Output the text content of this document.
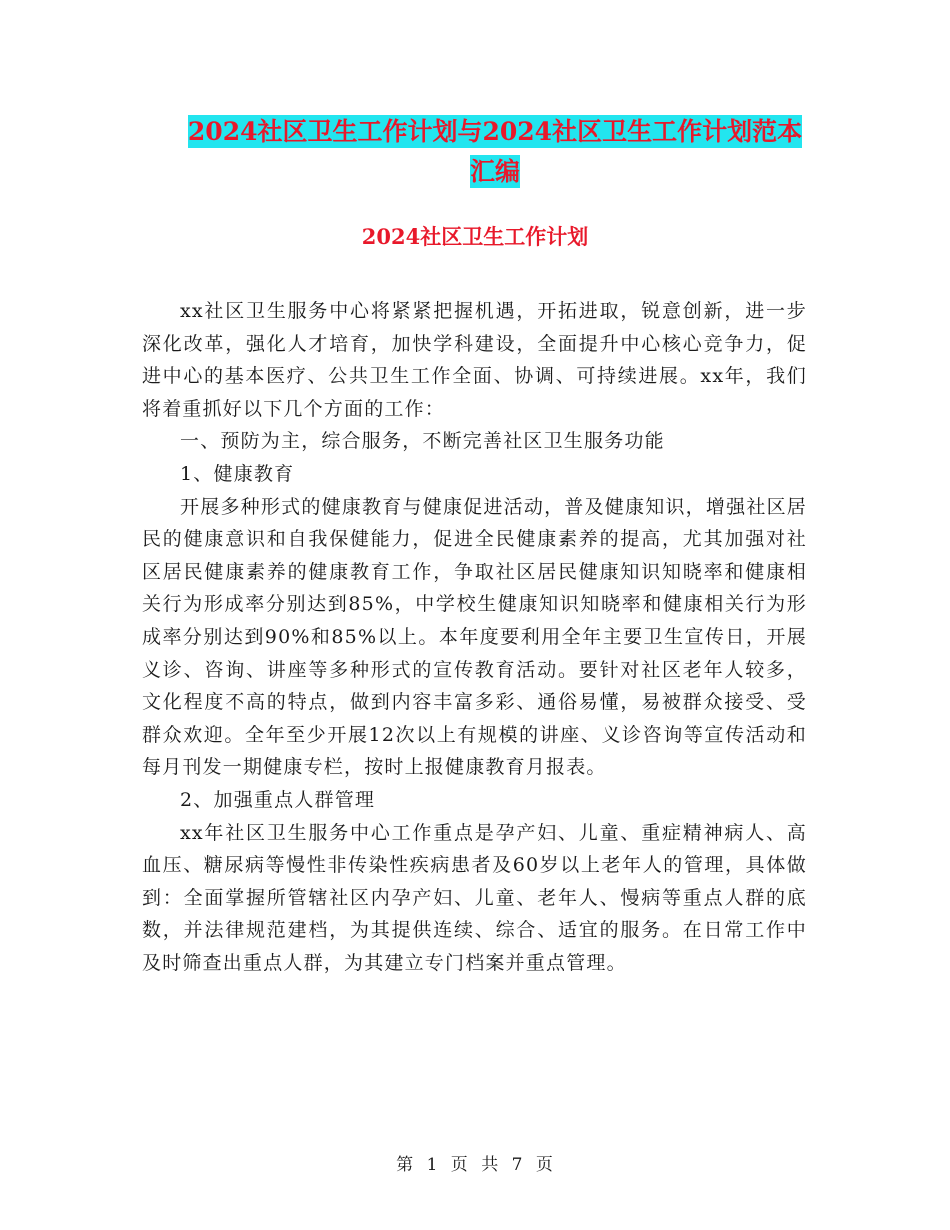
2024社区卫生工作计划与2024社区卫生工作计划范本
汇编
2024社区卫生工作计划

xx社区卫生服务中心将紧紧把握机遇，开拓进取，锐意创新，进一步深化改革，强化人才培育，加快学科建设，全面提升中心核心竞争力，促进中心的基本医疗、公共卫生工作全面、协调、可持续进展。xx年，我们将着重抓好以下几个方面的工作：

一、预防为主，综合服务，不断完善社区卫生服务功能

1、健康教育

开展多种形式的健康教育与健康促进活动，普及健康知识，增强社区居民的健康意识和自我保健能力，促进全民健康素养的提高，尤其加强对社区居民健康素养的健康教育工作，争取社区居民健康知识知晓率和健康相关行为形成率分别达到85%，中学校生健康知识知晓率和健康相关行为形成率分别达到90%和85%以上。本年度要利用全年主要卫生宣传日，开展义诊、咨询、讲座等多种形式的宣传教育活动。要针对社区老年人较多，文化程度不高的特点，做到内容丰富多彩、通俗易懂，易被群众接受、受群众欢迎。全年至少开展12次以上有规模的讲座、义诊咨询等宣传活动和每月刊发一期健康专栏，按时上报健康教育月报表。

2、加强重点人群管理

xx年社区卫生服务中心工作重点是孕产妇、儿童、重症精神病人、高血压、糖尿病等慢性非传染性疾病患者及60岁以上老年人的管理，具体做到：全面掌握所管辖社区内孕产妇、儿童、老年人、慢病等重点人群的底数，并法律规范建档，为其提供连续、综合、适宜的服务。在日常工作中及时筛查出重点人群，为其建立专门档案并重点管理。

第 1 页 共 7 页
